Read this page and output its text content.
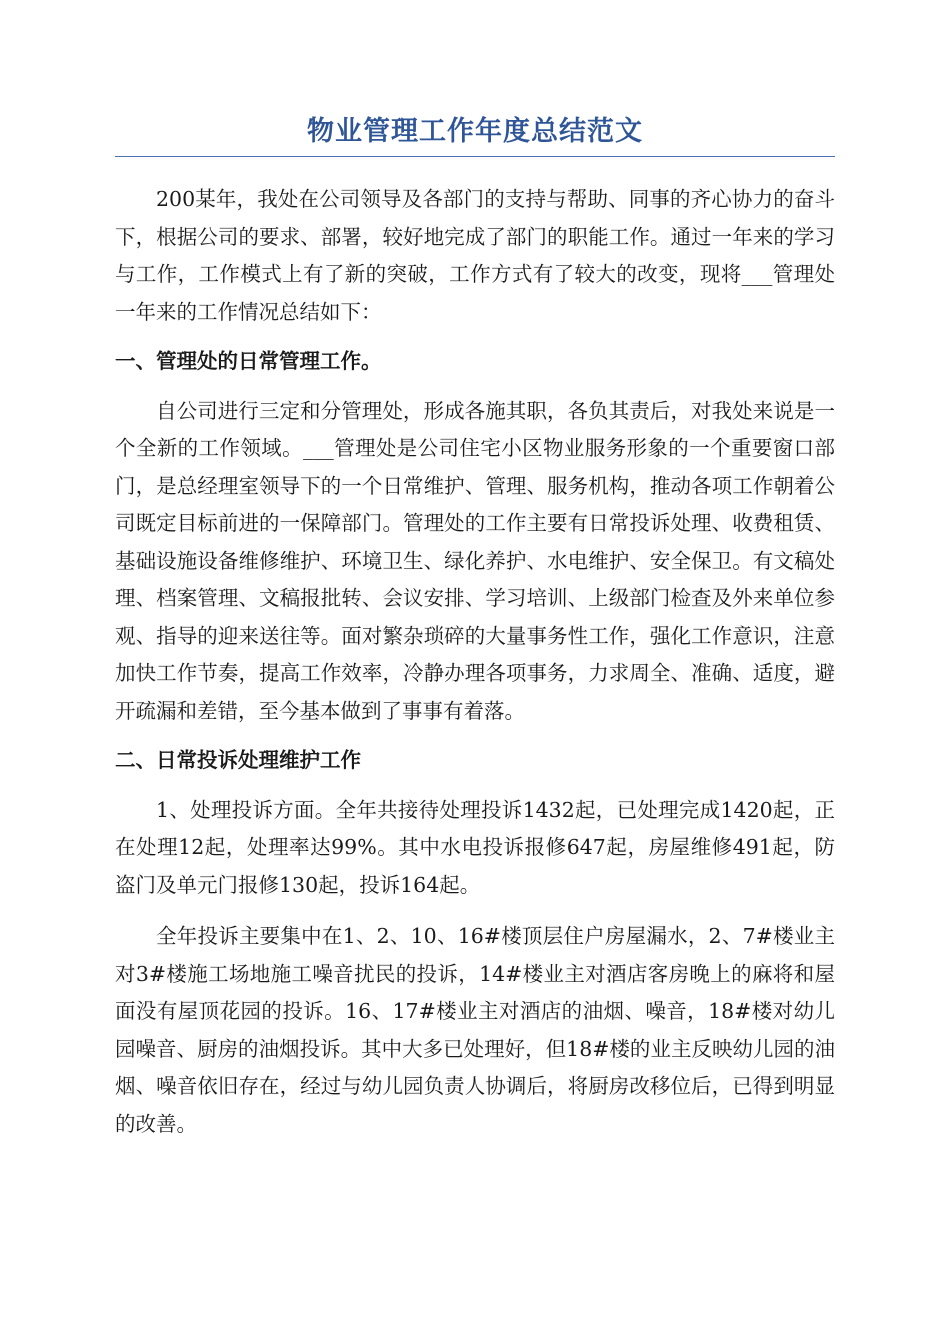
物业管理工作年度总结范文

200某年，我处在公司领导及各部门的支持与帮助、同事的齐心协力的奋斗下，根据公司的要求、部署，较好地完成了部门的职能工作。通过一年来的学习与工作，工作模式上有了新的突破，工作方式有了较大的改变，现将___管理处一年来的工作情况总结如下：

一、管理处的日常管理工作。

自公司进行三定和分管理处，形成各施其职，各负其责后，对我处来说是一个全新的工作领域。___管理处是公司住宅小区物业服务形象的一个重要窗口部门，是总经理室领导下的一个日常维护、管理、服务机构，推动各项工作朝着公司既定目标前进的一保障部门。管理处的工作主要有日常投诉处理、收费租赁、基础设施设备维修维护、环境卫生、绿化养护、水电维护、安全保卫。有文稿处理、档案管理、文稿报批转、会议安排、学习培训、上级部门检查及外来单位参观、指导的迎来送往等。面对繁杂琐碎的大量事务性工作，强化工作意识，注意加快工作节奏，提高工作效率，冷静办理各项事务，力求周全、准确、适度，避开疏漏和差错，至今基本做到了事事有着落。

二、日常投诉处理维护工作

1、处理投诉方面。全年共接待处理投诉1432起，已处理完成1420起，正在处理12起，处理率达99%。其中水电投诉报修647起，房屋维修491起，防盗门及单元门报修130起，投诉164起。

全年投诉主要集中在1、2、10、16#楼顶层住户房屋漏水，2、7#楼业主对3#楼施工场地施工噪音扰民的投诉，14#楼业主对酒店客房晚上的麻将和屋面没有屋顶花园的投诉。16、17#楼业主对酒店的油烟、噪音，18#楼对幼儿园噪音、厨房的油烟投诉。其中大多已处理好，但18#楼的业主反映幼儿园的油烟、噪音依旧存在，经过与幼儿园负责人协调后，将厨房改移位后，已得到明显的改善。
